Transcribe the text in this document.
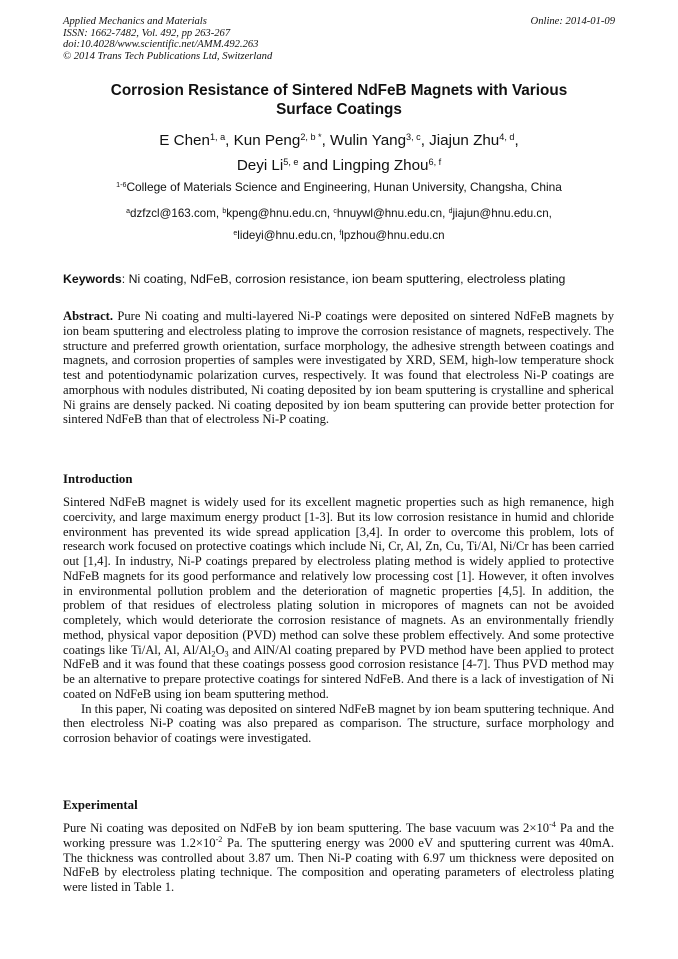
Applied Mechanics and Materials
ISSN: 1662-7482, Vol. 492, pp 263-267
doi:10.4028/www.scientific.net/AMM.492.263
© 2014 Trans Tech Publications Ltd, Switzerland
Online: 2014-01-09
Corrosion Resistance of Sintered NdFeB Magnets with Various
Surface Coatings
E Chen$^{1, a}$, Kun Peng$^{2, b *}$, Wulin Yang$^{3, c}$, Jiajun Zhu$^{4, d}$,
Deyi Li$^{5, e}$ and Lingping Zhou$^{6, f}$
$^{1-6}$College of Materials Science and Engineering, Hunan University, Changsha, China
$^a$dzfzcl@163.com, $^b$kpeng@hnu.edu.cn, $^c$hnuywl@hnu.edu.cn, $^d$jiajun@hnu.edu.cn,
$^e$lideyi@hnu.edu.cn, $^f$lpzhou@hnu.edu.cn
Keywords: Ni coating, NdFeB, corrosion resistance, ion beam sputtering, electroless plating

Abstract. Pure Ni coating and multi-layered Ni-P coatings were deposited on sintered NdFeB magnets by ion beam sputtering and electroless plating to improve the corrosion resistance of magnets, respectively. The structure and preferred growth orientation, surface morphology, the adhesive strength between coatings and magnets, and corrosion properties of samples were investigated by XRD, SEM, high-low temperature shock test and potentiodynamic polarization curves, respectively. It was found that electroless Ni-P coatings are amorphous with nodules distributed, Ni coating deposited by ion beam sputtering is crystalline and spherical Ni grains are densely packed. Ni coating deposited by ion beam sputtering can provide better protection for sintered NdFeB than that of electroless Ni-P coating.

Introduction

Sintered NdFeB magnet is widely used for its excellent magnetic properties such as high remanence, high coercivity, and large maximum energy product [1-3]. But its low corrosion resistance in humid and chloride environment has prevented its wide spread application [3,4]. In order to overcome this problem, lots of research work focused on protective coatings which include Ni, Cr, Al, Zn, Cu, Ti/Al, Ni/Cr has been carried out [1,4]. In industry, Ni-P coatings prepared by electroless plating method is widely applied to protective NdFeB magnets for its good performance and relatively low processing cost [1]. However, it often involves in environmental pollution problem and the deterioration of magnetic properties [4,5]. In addition, the problem of that residues of electroless plating solution in micropores of magnets can not be avoided completely, which would deteriorate the corrosion resistance of magnets. As an environmentally friendly method, physical vapor deposition (PVD) method can solve these problem effectively. And some protective coatings like Ti/Al, Al, $Al/Al_2O_3$ and AlN/Al coating prepared by PVD method have been applied to protect NdFeB and it was found that these coatings possess good corrosion resistance [4-7]. Thus PVD method may be an alternative to prepare protective coatings for sintered NdFeB. And there is a lack of investigation of Ni coated on NdFeB using ion beam sputtering method.

In this paper, Ni coating was deposited on sintered NdFeB magnet by ion beam sputtering technique. And then electroless Ni-P coating was also prepared as comparison. The structure, surface morphology and corrosion behavior of coatings were investigated.

Experimental

Pure Ni coating was deposited on NdFeB by ion beam sputtering. The base vacuum was $2\times 10^{-4}$ Pa and the working pressure was $1.2\times 10^{-2}$ Pa. The sputtering energy was 2000 eV and sputtering current was 40mA. The thickness was controlled about 3.87 um. Then Ni-P coating with 6.97 um thickness were deposited on NdFeB by electroless plating technique. The composition and operating parameters of electroless plating were listed in Table 1.
